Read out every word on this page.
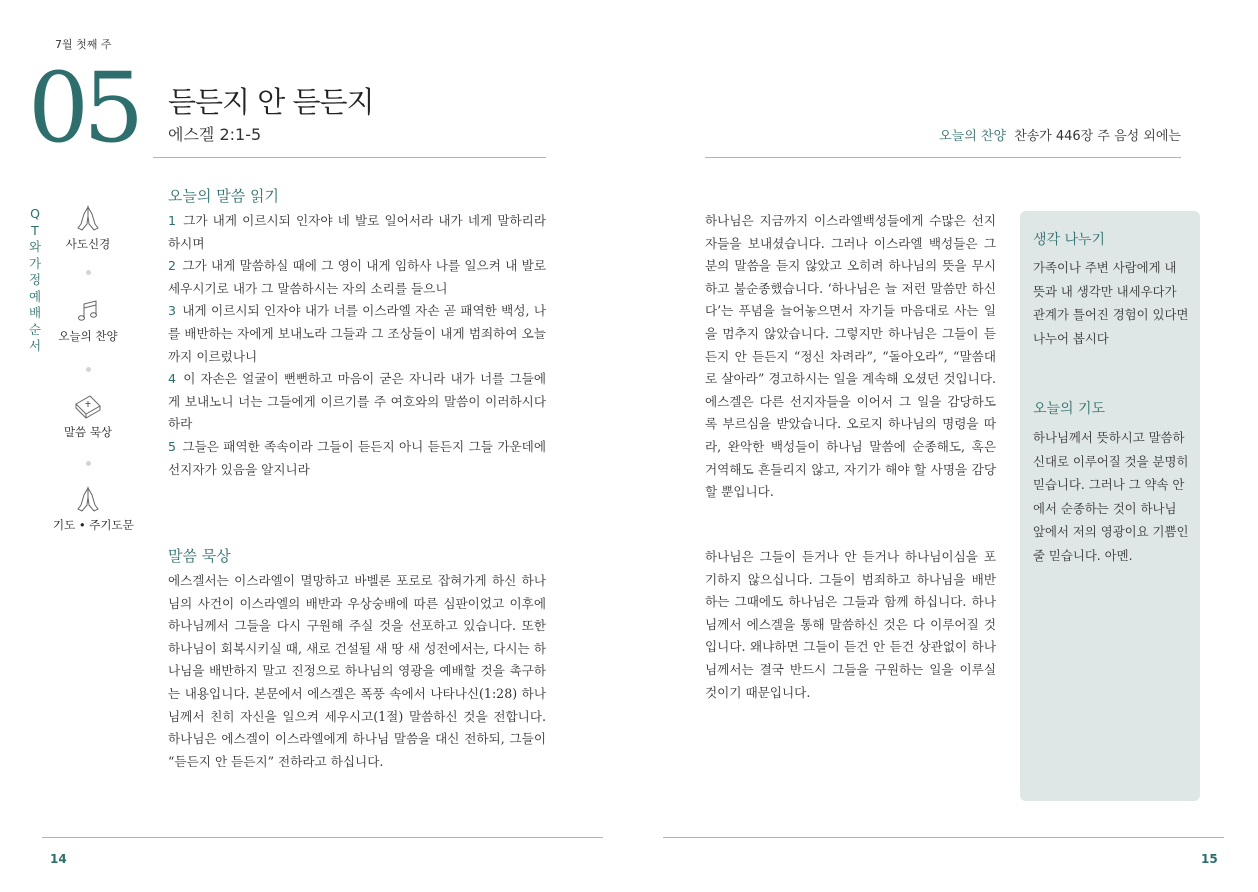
7월 첫째 주
05 듣든지 안 듣든지
에스겔 2:1-5
QT와 가정예배 순서
사도신경
오늘의 찬양
말씀 묵상
기도 • 주기도문
오늘의 말씀 읽기
1 그가 내게 이르시되 인자야 네 발로 일어서라 내가 네게 말하리라 하시며
2 그가 내게 말씀하실 때에 그 영이 내게 임하사 나를 일으켜 내 발로 세우시기로 내가 그 말씀하시는 자의 소리를 들으니
3 내게 이르시되 인자야 내가 너를 이스라엘 자손 곧 패역한 백성, 나를 배반하는 자에게 보내노라 그들과 그 조상들이 내게 범죄하여 오늘까지 이르렀나니
4 이 자손은 얼굴이 뻔뻔하고 마음이 굳은 자니라 내가 너를 그들에게 보내노니 너는 그들에게 이르기를 주 여호와의 말씀이 이러하시다 하라
5 그들은 패역한 족속이라 그들이 듣든지 아니 듣든지 그들 가운데에 선지자가 있음을 알지니라
말씀 묵상
에스겔서는 이스라엘이 멸망하고 바벨론 포로로 잡혀가게 하신 하나님의 사건이 이스라엘의 배반과 우상숭배에 따른 심판이었고 이후에 하나님께서 그들을 다시 구원해 주실 것을 선포하고 있습니다. 또한 하나님이 회복시키실 때, 새로 건설될 새 땅 새 성전에서는, 다시는 하나님을 배반하지 말고 진정으로 하나님의 영광을 예배할 것을 촉구하는 내용입니다. 본문에서 에스겔은 폭풍 속에서 나타나신(1:28) 하나님께서 친히 자신을 일으켜 세우시고(1절) 말씀하신 것을 전합니다. 하나님은 에스겔이 이스라엘에게 하나님 말씀을 대신 전하되, 그들이 “듣든지 안 듣든지” 전하라고 하십니다.
14
오늘의 찬양 찬송가 446장 주 음성 외에는
하나님은 지금까지 이스라엘백성들에게 수많은 선지자들을 보내셨습니다. 그러나 이스라엘 백성들은 그분의 말씀을 듣지 않았고 오히려 하나님의 뜻을 무시하고 불순종했습니다. ‘하나님은 늘 저런 말씀만 하신다’는 푸념을 늘어놓으면서 자기들 마음대로 사는 일을 멈추지 않았습니다. 그렇지만 하나님은 그들이 듣든지 안 듣든지 “정신 차려라”, “돌아오라”, “말씀대로 살아라” 경고하시는 일을 계속해 오셨던 것입니다. 에스겔은 다른 선지자들을 이어서 그 일을 감당하도록 부르심을 받았습니다. 오로지 하나님의 명령을 따라, 완악한 백성들이 하나님 말씀에 순종해도, 혹은 거역해도 흔들리지 않고, 자기가 해야 할 사명을 감당할 뿐입니다.
하나님은 그들이 듣거나 안 듣거나 하나님이심을 포기하지 않으십니다. 그들이 범죄하고 하나님을 배반하는 그때에도 하나님은 그들과 함께 하십니다. 하나님께서 에스겔을 통해 말씀하신 것은 다 이루어질 것입니다. 왜냐하면 그들이 듣건 안 듣건 상관없이 하나님께서는 결국 반드시 그들을 구원하는 일을 이루실 것이기 때문입니다.
생각 나누기
가족이나 주변 사람에게 내 뜻과 내 생각만 내세우다가 관계가 틀어진 경험이 있다면 나누어 봅시다
오늘의 기도
하나님께서 뜻하시고 말씀하신대로 이루어질 것을 분명히 믿습니다. 그러나 그 약속 안에서 순종하는 것이 하나님 앞에서 저의 영광이요 기쁨인 줄 믿습니다. 아멘.
15
